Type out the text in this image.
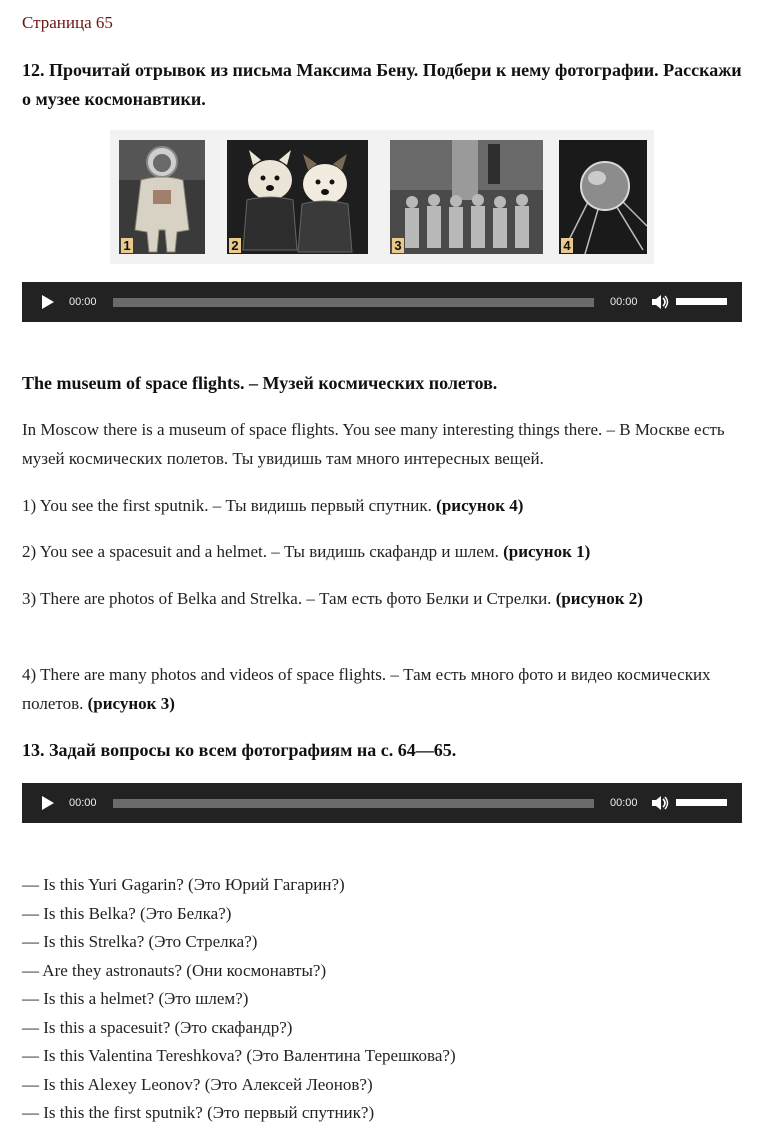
Страница 65
12. Прочитай отрывок из письма Максима Бену. Подбери к нему фотографии. Расскажи о музее космонавтики.
1	2	3	4
00:00	00:00
The museum of space flights. – Музей космических полетов.
In Moscow there is a museum of space flights. You see many interesting things there. – В Москве есть музей космических полетов. Ты увидишь там много интересных вещей.
1) You see the first sputnik. – Ты видишь первый спутник. (рисунок 4)
2) You see a spacesuit and a helmet. – Ты видишь скафандр и шлем. (рисунок 1)
3) There are photos of Belka and Strelka. – Там есть фото Белки и Стрелки. (рисунок 2)
4) There are many photos and videos of space flights. – Там есть много фото и видео космических полетов. (рисунок 3)
13. Задай вопросы ко всем фотографиям на с. 64—65.
00:00	00:00
— Is this Yuri Gagarin? (Это Юрий Гагарин?)
— Is this Belka? (Это Белка?)
— Is this Strelka? (Это Стрелка?)
— Are they astronauts? (Они космонавты?)
— Is this a helmet? (Это шлем?)
— Is this a spacesuit? (Это скафандр?)
— Is this Valentina Tereshkova? (Это Валентина Терешкова?)
— Is this Alexey Leonov? (Это Алексей Леонов?)
— Is this the first sputnik? (Это первый спутник?)
